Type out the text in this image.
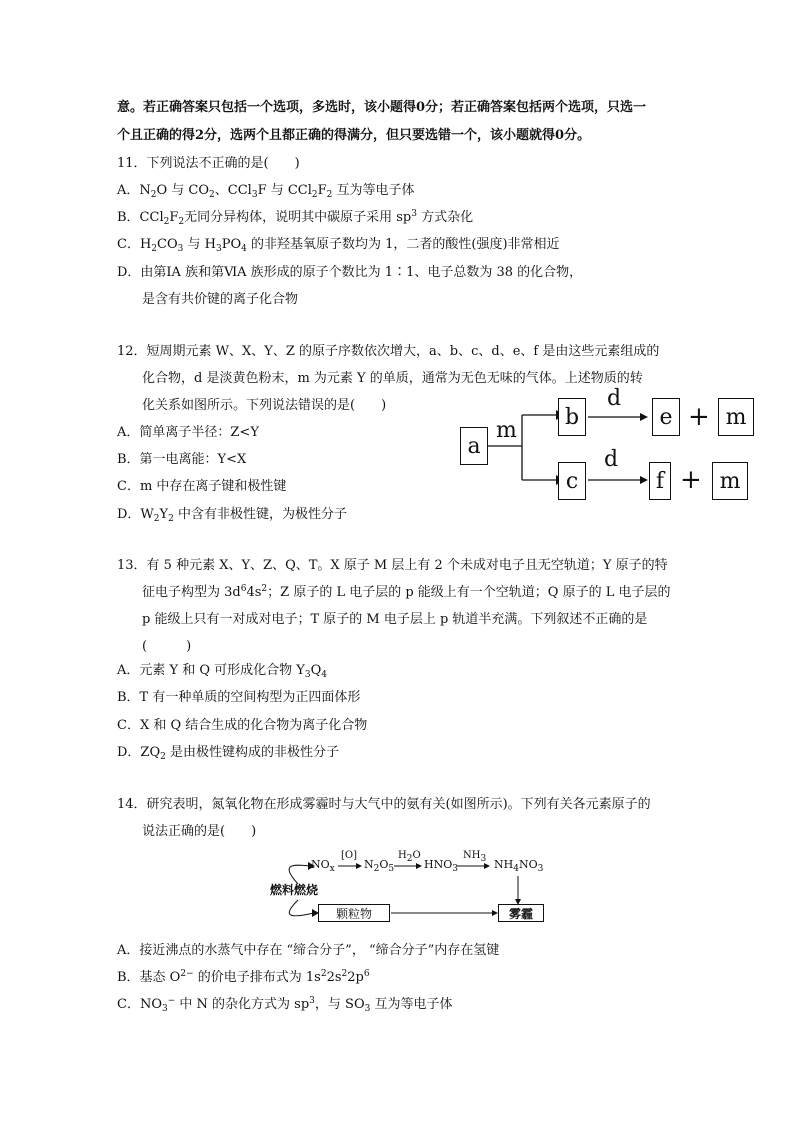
意。若正确答案只包括一个选项，多选时，该小题得0分；若正确答案包括两个选项，只选一
个且正确的得2分，选两个且都正确的得满分，但只要选错一个，该小题就得0分。
11．下列说法不正确的是(　　)
A．$N_2O$ 与 $CO_2$、CCl$_3$F 与 $CCl_2F_2$ 互为等电子体
B．$CCl_2F_2$无同分异构体，说明其中碳原子采用 $sp^3$ 方式杂化
C．$H_2CO_3$ 与 $H_3PO_4$ 的非羟基氧原子数均为 1，二者的酸性(强度)非常相近
D．由第ⅠA 族和第ⅥA 族形成的原子个数比为 1∶1、电子总数为 38 的化合物，
是含有共价键的离子化合物
12．短周期元素 W、X、Y、Z 的原子序数依次增大，a、b、c、d、e、f 是由这些元素组成的
化合物，d 是淡黄色粉末，m 为元素 Y 的单质，通常为无色无味的气体。上述物质的转
化关系如图所示。下列说法错误的是(　　)
A．简单离子半径：Z<Y
B．第一电离能：Y<X
C．m 中存在离子键和极性键
D．$W_2Y_2$ 中含有非极性键，为极性分子
a
m
b
d
e + m
c
d
f + m
13．有 5 种元素 X、Y、Z、Q、T。X 原子 M 层上有 2 个未成对电子且无空轨道；Y 原子的特
征电子构型为 $3d^64s^2$；Z 原子的 L 电子层的 p 能级上有一个空轨道；Q 原子的 L 电子层的
p 能级上只有一对成对电子；T 原子的 M 电子层上 p 轨道半充满。下列叙述不正确的是
(　　　)
A．元素 Y 和 Q 可形成化合物 $Y_3Q_4$
B．T 有一种单质的空间构型为正四面体形
C．X 和 Q 结合生成的化合物为离子化合物
D．$ZQ_2$ 是由极性键构成的非极性分子
14．研究表明，氮氧化物在形成雾霾时与大气中的氨有关(如图所示)。下列有关各元素原子的
说法正确的是(　　)
$NO_x$
[O]
$N_2O_5$
$H_2O$
$HNO_3$
$NH_3$ $NH_4NO_3$
燃料燃烧
颗粒物	雾霾
A．接近沸点的水蒸气中存在 “缔合分子”， “缔合分子”内存在氢键
B．基态 $O^{2-}$ 的价电子排布式为 $1s^22s^22p^6$
C．$NO_3^-$ 中 N 的杂化方式为 $sp^3$，与 $SO_3$ 互为等电子体
